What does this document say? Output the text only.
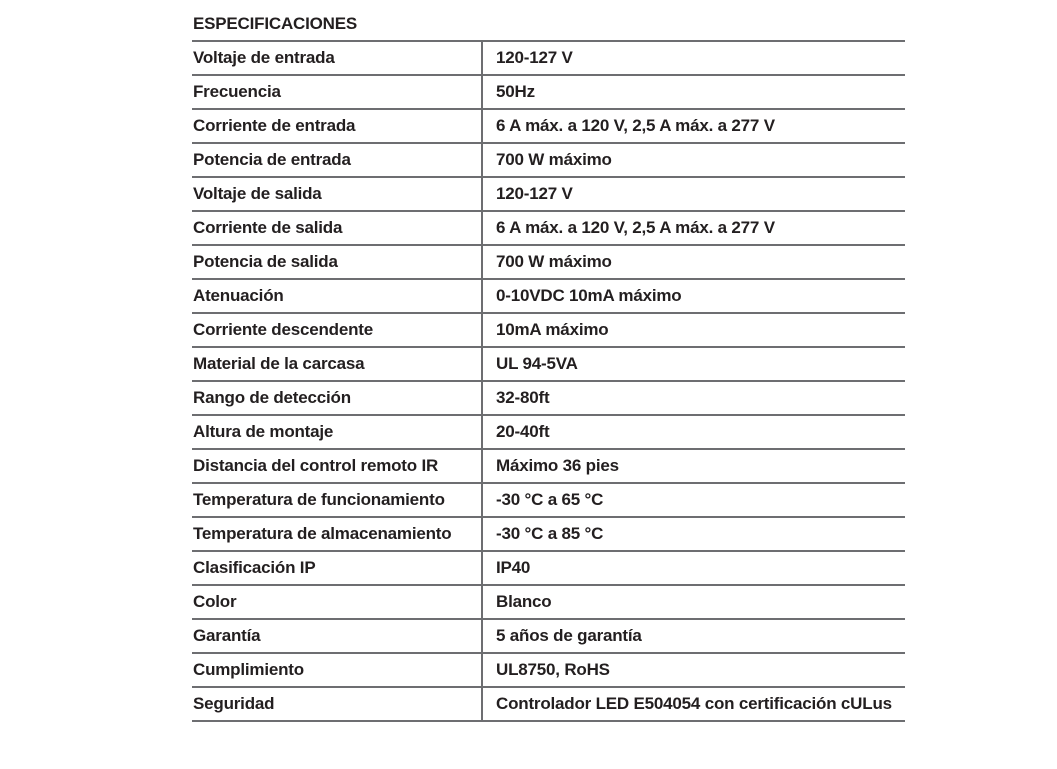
ESPECIFICACIONES
Voltaje de entrada	120-127 V
Frecuencia	50Hz
Corriente de entrada	6 A máx. a 120 V, 2,5 A máx. a 277 V
Potencia de entrada	700 W máximo
Voltaje de salida	120-127 V
Corriente de salida	6 A máx. a 120 V, 2,5 A máx. a 277 V
Potencia de salida	700 W máximo
Atenuación	0-10VDC 10mA máximo
Corriente descendente	10mA máximo
Material de la carcasa	UL 94-5VA
Rango de detección	32-80ft
Altura de montaje	20-40ft
Distancia del control remoto IR	Máximo 36 pies
Temperatura de funcionamiento	-30 °C a 65 °C
Temperatura de almacenamiento	-30 °C a 85 °C
Clasificación IP	IP40
Color	Blanco
Garantía	5 años de garantía
Cumplimiento	UL8750, RoHS
Seguridad	Controlador LED E504054 con certificación cULus
